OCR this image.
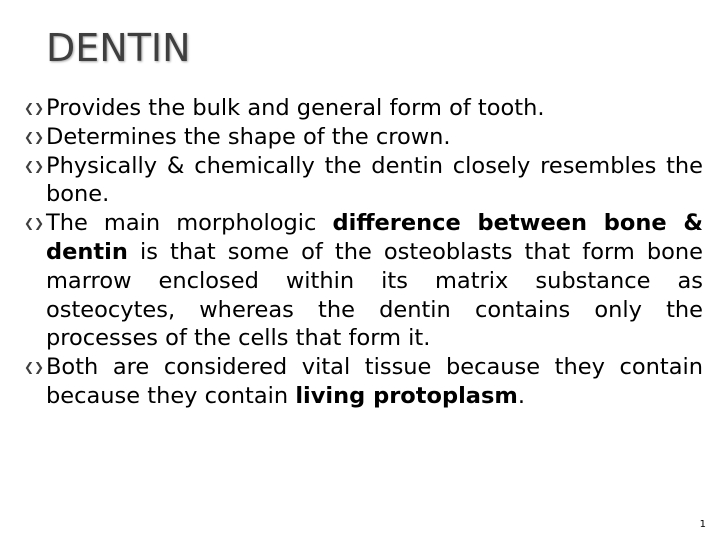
DENTIN
❮❯ Provides the bulk and general form of tooth.
❮❯ Determines the shape of the crown.
❮❯ Physically & chemically the dentin closely resembles the bone.
❮❯ The main morphologic difference between bone & dentin is that some of the osteoblasts that form bone marrow enclosed within its matrix substance as osteocytes, whereas the dentin contains only the processes of the cells that form it.
❮❯ Both are considered vital tissue because they contain because they contain living protoplasm.
1
